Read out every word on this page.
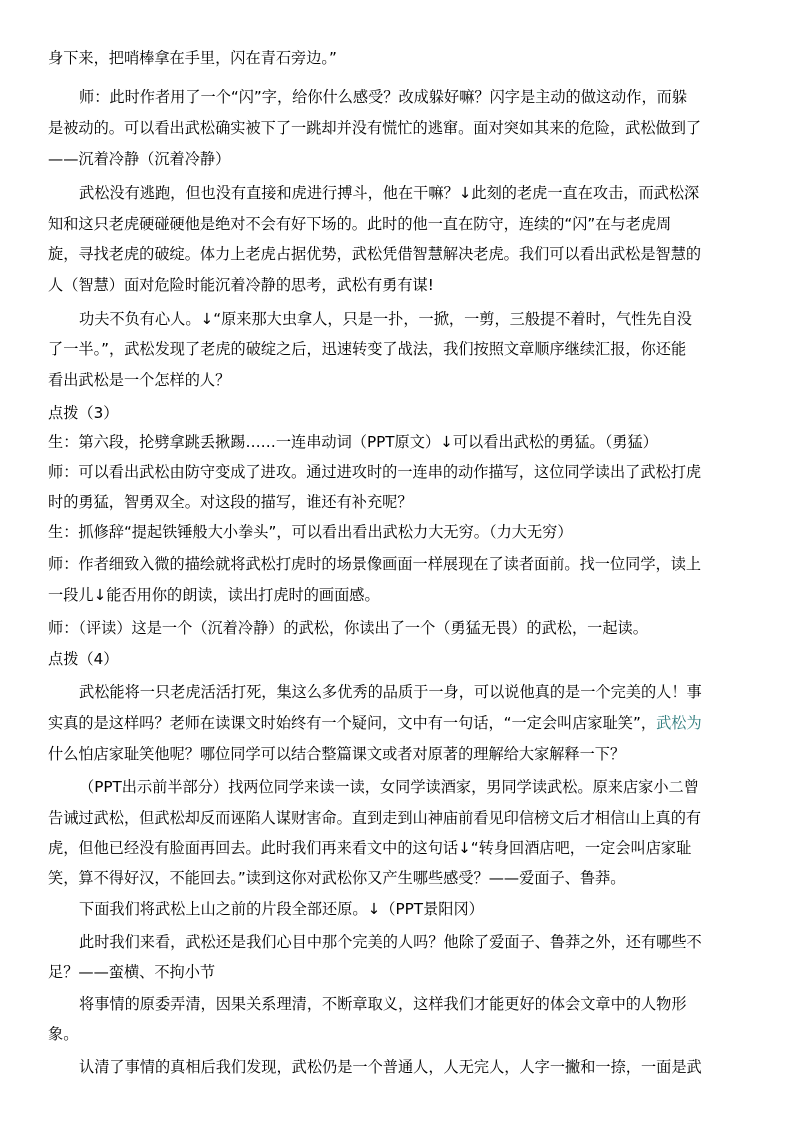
身下来，把哨棒拿在手里，闪在青石旁边。”
师：此时作者用了一个“闪”字，给你什么感受？改成躲好嘛？闪字是主动的做这动作，而躲
是被动的。可以看出武松确实被下了一跳却并没有慌忙的逃窜。面对突如其来的危险，武松做到了
——沉着冷静（沉着冷静）
武松没有逃跑，但也没有直接和虎进行搏斗，他在干嘛？↓此刻的老虎一直在攻击，而武松深
知和这只老虎硬碰硬他是绝对不会有好下场的。此时的他一直在防守，连续的“闪”在与老虎周
旋，寻找老虎的破绽。体力上老虎占据优势，武松凭借智慧解决老虎。我们可以看出武松是智慧的
人（智慧）面对危险时能沉着冷静的思考，武松有勇有谋!
功夫不负有心人。↓“原来那大虫拿人，只是一扑，一掀，一剪，三般提不着时，气性先自没
了一半。”，武松发现了老虎的破绽之后，迅速转变了战法，我们按照文章顺序继续汇报，你还能
看出武松是一个怎样的人？
点拨（3）
生：第六段，抡劈拿跳丢揪踢……一连串动词（PPT原文）↓可以看出武松的勇猛。（勇猛）
师：可以看出武松由防守变成了进攻。通过进攻时的一连串的动作描写，这位同学读出了武松打虎
时的勇猛，智勇双全。对这段的描写，谁还有补充呢？
生：抓修辞“提起铁锤般大小拳头”，可以看出看出武松力大无穷。（力大无穷）
师：作者细致入微的描绘就将武松打虎时的场景像画面一样展现在了读者面前。找一位同学，读上
一段儿↓能否用你的朗读，读出打虎时的画面感。
师：（评读）这是一个（沉着冷静）的武松，你读出了一个（勇猛无畏）的武松，一起读。
点拨（4）
武松能将一只老虎活活打死，集这么多优秀的品质于一身，可以说他真的是一个完美的人！事
实真的是这样吗？老师在读课文时始终有一个疑问，文中有一句话，“一定会叫店家耻笑”，武松为
什么怕店家耻笑他呢？哪位同学可以结合整篇课文或者对原著的理解给大家解释一下？
（PPT出示前半部分）找两位同学来读一读，女同学读酒家，男同学读武松。原来店家小二曾
告诫过武松，但武松却反而诬陷人谋财害命。直到走到山神庙前看见印信榜文后才相信山上真的有
虎，但他已经没有脸面再回去。此时我们再来看文中的这句话↓“转身回酒店吧，一定会叫店家耻
笑，算不得好汉，不能回去。”读到这你对武松你又产生哪些感受？——爱面子、鲁莽。
下面我们将武松上山之前的片段全部还原。↓（PPT景阳冈）
此时我们来看，武松还是我们心目中那个完美的人吗？他除了爱面子、鲁莽之外，还有哪些不
足？——蛮横、不拘小节
将事情的原委弄清，因果关系理清，不断章取义，这样我们才能更好的体会文章中的人物形
象。
认清了事情的真相后我们发现，武松仍是一个普通人，人无完人，人字一撇和一捺，一面是武
